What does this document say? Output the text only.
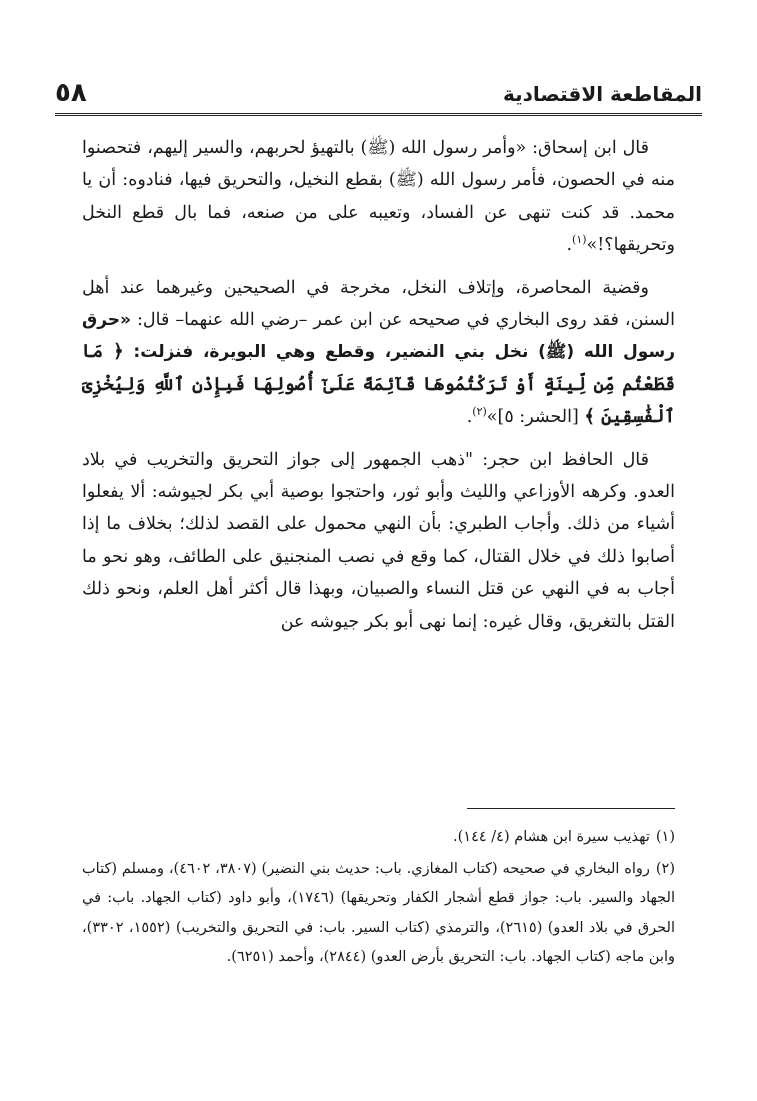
المقاطعة الاقتصادية
٥٨

قال ابن إسحاق: «وأمر رسول الله (ﷺ) بالتهيؤ لحربهم، والسير إليهم، فتحصنوا منه في الحصون، فأمر رسول الله (ﷺ) بقطع النخيل، والتحريق فيها، فنادوه: أن يا محمد. قد كنت تنهى عن الفساد، وتعيبه على من صنعه، فما بال قطع النخل وتحريقها؟!»$^{(١)}$.

وقضية المحاصرة، وإتلاف النخل، مخرجة في الصحيحين وغيرهما عند أهل السنن، فقد روى البخاري في صحيحه عن ابن عمر –رضي الله عنهما– قال: «حرق رسول الله (ﷺ) نخل بني النضير، وقطع وهي البويرة، فنزلت: ﴿ مَا قَطَعْتُم مِّن لِّينَةٍ أَوْ تَرَكْتُمُوهَا قَآئِمَةً عَلَىٰٓ أُصُولِهَا فَبِإِذْنِ ٱللَّهِ وَلِيُخْزِىَ ٱلْفَٰسِقِينَ ﴾ [الحشر: ٥]»$^{(٢)}$.

قال الحافظ ابن حجر: "ذهب الجمهور إلى جواز التحريق والتخريب في بلاد العدو. وكرهه الأوزاعي والليث وأبو ثور، واحتجوا بوصية أبي بكر لجيوشه: ألا يفعلوا أشياء من ذلك. وأجاب الطبري: بأن النهي محمول على القصد لذلك؛ بخلاف ما إذا أصابوا ذلك في خلال القتال، كما وقع في نصب المنجنيق على الطائف، وهو نحو ما أجاب به في النهي عن قتل النساء والصبيان، وبهذا قال أكثر أهل العلم، ونحو ذلك القتل بالتغريق، وقال غيره: إنما نهى أبو بكر جيوشه عن

(١)تهذيب سيرة ابن هشام (٤/ ١٤٤).
(٢)رواه البخاري في صحيحه (كتاب المغازي. باب: حديث بني النضير) (٣٨٠٧، ٤٦٠٢)، ومسلم (كتاب الجهاد والسير. باب: جواز قطع أشجار الكفار وتحريقها) (١٧٤٦)، وأبو داود (كتاب الجهاد. باب: في الحرق في بلاد العدو) (٢٦١٥)، والترمذي (كتاب السير. باب: في التحريق والتخريب) (١٥٥٢، ٣٣٠٢)، وابن ماجه (كتاب الجهاد. باب: التحريق بأرض العدو) (٢٨٤٤)، وأحمد (٦٢٥١).
